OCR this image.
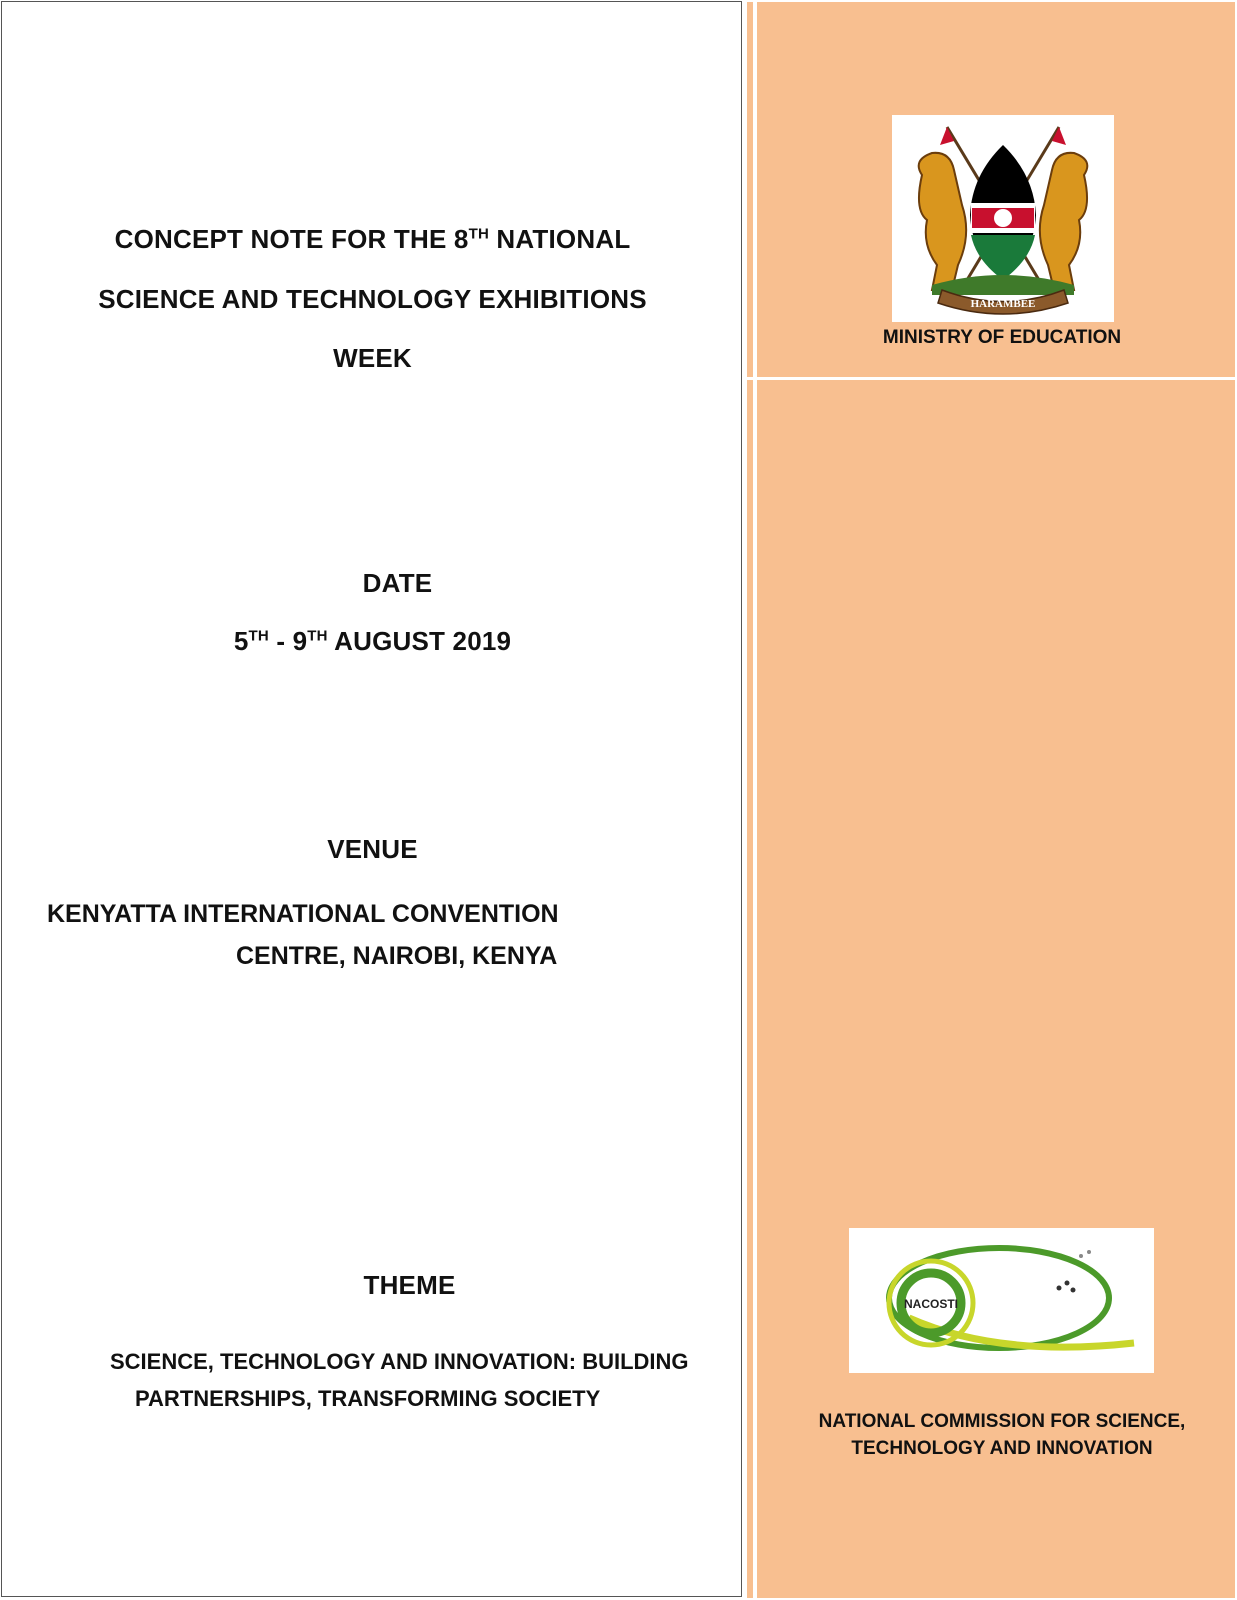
CONCEPT NOTE FOR THE 8TH NATIONAL
SCIENCE AND TECHNOLOGY EXHIBITIONS
WEEK
DATE
5TH - 9TH AUGUST 2019
VENUE
KENYATTA INTERNATIONAL CONVENTION
CENTRE, NAIROBI, KENYA
THEME
SCIENCE, TECHNOLOGY AND INNOVATION: BUILDING
PARTNERSHIPS, TRANSFORMING SOCIETY
HARAMBEE
MINISTRY OF EDUCATION
NACOSTI
NATIONAL COMMISSION FOR SCIENCE,
TECHNOLOGY AND INNOVATION
